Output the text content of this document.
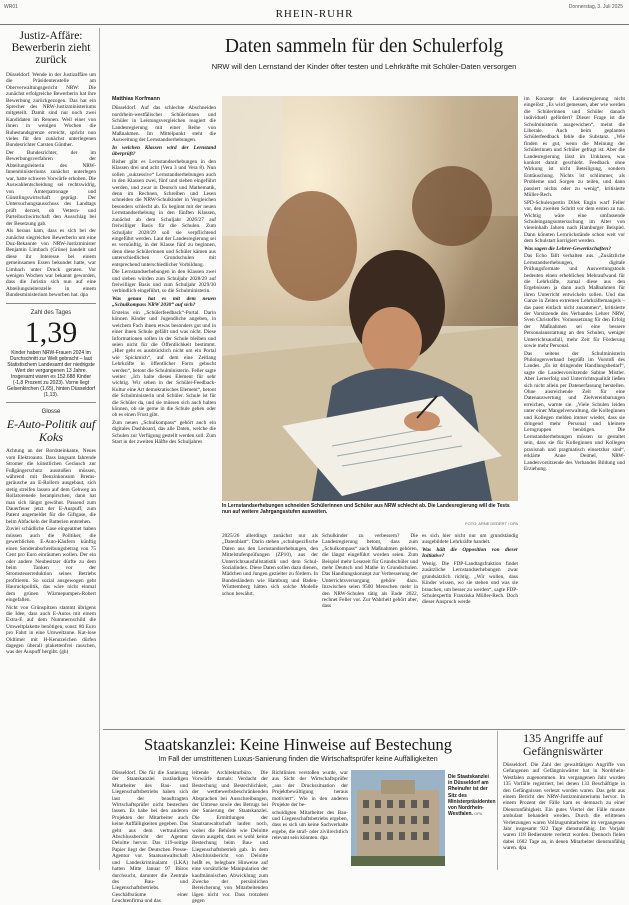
WR01
RHEIN-RUHR
Donnerstag, 3. Juli 2025
Justiz-Affäre: Bewerberin zieht zurück

Düsseldorf. Wende in der Justizaffäre um die Präsidentenstelle am Oberverwaltungsgericht NRW: Die zunächst erfolgreiche Bewerberin hat ihre Bewerbung zurückgezogen. Das hat ein Sprecher des NRW-Justizministeriums mitgeteilt. Damit sind nur noch zwei Kandidaten im Rennen. Weil einer von ihnen in wenigen Wochen die Ruhestandsgrenze erreicht, spricht nun vieles für den zunächst unterlegenen Bundesrichter Carsten Günther.

Der Bundesrichter, der im Bewerbungsverfahren der Abteilungsleiterin des NRW-Innenministeriums zunächst unterlegen war, hatte schwere Vorwürfe erhoben. Die Auswahlentscheidung sei rechtswidrig, von Ämterpatronage und Günstlingswirtschaft geprägt. Der Untersuchungsausschuss des Landtags prüft derzeit, ob Vettern- und Parteibuchwirtschaft den Ausschlag bei der Besetzung gab.

Als heraus kam, dass es sich bei der zunächst siegreichen Bewerberin um eine Duz-Bekannte von NRW-Justizminister Benjamin Limbach (Grüne) handelt und diese ihr Interesse bei einem gemeinsamen Essen bekundet hatte, war Limbach unter Druck geraten. Vor wenigen Wochen war bekannt geworden, dass die Juristin sich nun auf eine Abteilungsleiterstelle in einem Bundesministerium beworben hat. dpa

Zahl des Tages
1,39
Kinder haben NRW-Frauen 2024 im Durchschnitt zur Welt gebracht – laut Statistischem Landesamt der niedrigste Wert der vergangenen 13 Jahre. Insgesamt waren es 152.688 Kinder (-1,8 Prozent zu 2023). Vorne liegt Gelsenkirchen (1,65), hinten Düsseldorf (1,13).
Glosse
E-Auto-Politik auf Koks

Achtung an der Bordsteinkante, Neues vom Elektroauto. Dass langsam fahrende Stromer die künstlichen Geräusch zur Fußgängerschutz ausstoßen müssen, während mit Benzinkonsum Bremsgeräusche an E-Rollern ausgebaut, sich stetig streifen lassen auf dem Gehweg an Rollatorenede heranpirschen, dann hat man sich längst gewöhnt. Passend zum Dauerfeuer jetzt der E-Auspuff, zum Patent angemeldet für die Giftgase, die beim Abfackeln der Batterien entstehen.

Zuviel schädliche Gase eingeatmet haben müssen auch die Politiker, die gewerblichen E-Auto-Käufern künftig einen Sonderabschreibungsbetrag von 75 Cent pro Euro einräumen wollen. Der ein oder andere Neubesitzer dürfte zu dem beim Tanken vor der Stromsteuerreduktion seines Betriebs profitieren. So sozial ausgewogen geht Hauruckpolitik, das wäre nicht einmal dem grünen Wärmepumpen-Robert eingefallen.

Nicht von Grünspitzen stammt übrigens die Idee, dass auch E-Autos mit einem Extra-E auf dem Nummernschild die Umweltplakette benötigen, sonst: 80 Euro pro Fahrt in eine Umweltzone. Kat-lose Oldtimer mit H-Kennzeichen dürfen dagegen überall plakettenfrei rauschen, was der Auspuff hergibt. (gh)

Daten sammeln für den Schulerfolg
NRW will den Lernstand der Kinder öfter testen und Lehrkräfte mit Schüler-Daten versorgen
Matthias Korfmann

Düsseldorf. Auf das schlechte Abschneiden nordrhein-westfälischer Schülerinnen und Schüler in Leistungsvergleichen reagiert die Landesregierung mit einer Reihe von Maßnahmen. Im Mittelpunkt steht die Ausweitung der Lernstandserhebungen.

In welchen Klassen wird der Lernstand überprüft?

Bisher gibt es Lernstandserhebungen in den Klassen drei und acht (Vera 3 und Vera 8). Nun sollen „sukzessive“ Lernstandserhebungen auch in den Klassen zwei, fünf und sieben eingeführt werden, und zwar in Deutsch und Mathematik, denn im Rechnen, Schreiben und Lesen schneiden die NRW-Schulkinder in Vergleichen besonders schlecht ab. Es beginnt mit der neuen Lernstandserhebung in den fünften Klassen, zunächst ab dem Schuljahr 2026/27 auf freiwilliger Basis für die Schulen. Zum Schuljahr 2028/29 soll sie verpflichtend eingeführt werden. Laut der Landesregierung sei es vernünftig, in der Klasse fünf zu beginnen, denn diese Schülerinnen und Schüler kämen aus unterschiedlichen Grundschulen mit entsprechend unterschiedlicher Vorbildung.

Die Lernstandserhebungen in den Klassen zwei und sieben würden zum Schuljahr 2028/29 auf freiwilliger Basis und zum Schuljahr 2029/30 verbindlich eingeführt, so die Schulministerin.

Was genau hat es mit dem neuen „Schulkompass NRW 2030“ auf sich?

Ersteins ein „Schülerfeedback“-Portal. Darin können Kinder und Jugendliche angeben, in welchem Fach ihnen etwas besonders gut und in einer ihnen Schule gefällt und was nicht. Diese Informationen sollen in der Schule bleiben und seien nicht für die Öffentlichkeit bestimmt. „Hier geht es ausdrücklich nicht um ein Portal wie Spickmich“, auf dem eine Zeitlang Lehrkräfte in öffentlicher Form gebucht werden“, betont die Schulministerin. Feller sagte weiter: „Ich halte dieses Element für sehr wichtig. Wir sehen in der Schüler-Feedback-Kultur eine Art demokratisches Element“, betont die Schulministerin und Schüler. Schule ist für die Schüler da, und sie müssen sich auch halten können, ob sie gerne in die Schule gehen oder ob es einen Frust gibt.

Zum neuen „Schulkompass“ gehört auch ein digitales Dashboard, das alle Daten, welche die Schulen zur Verfügung gestellt werden soll. Zum Start in der zweiten Hälfte des Schuljahres

In Lernstandserhebungen schneiden Schülerinnen und Schüler aus NRW schlecht ab. Die Landesregierung will die Tests nun auf weitere Jahrgangsstufen ausweiten.
FOTO: ARNE DEDERT / DPA

im Konzept der Landesregierung nicht eingelöst: „Es wird gemessen, aber wie werden die Schülerinnen und Schüler danach individuell gefördert? Dieser Frage ist die Schulministerin ausgewichen“, meint die Liberale. Auch beim geplanten Schülerfeedback fehle die Substanz. „Wie finden es gut, wenn die Meinung der Schülerinnen und Schüler gefragt ist. Aber die Landesregierung lässt im Unklaren, was konkret damit geschieht. Feedback ohne Wirkung ist nicht Beteiligung, sondern Enttäuschung. Nichts ist schlimmer, als Probleme und Sorgen zu teilen, und dann passiert nichts oder zu wenig“, kritisierte Müller-Rech.

SPD-Schulexpertin Dilek Engin warf Feller vor, den zweiten Schritt vor dem ersten zu tun. Wichtig wäre eine umfassende Schuleingangsuntersuchung im Alter von viereinhalb Jahren nach Hamburger Beispiel. Dann könnten Lernrückstände schon weit vor dem Schulstart korrigiert werden.

Was sagen die Lehrer-Gewerkschaften?

Das Echo fällt verhalten aus. „Zusätzliche Lernstandserhebungen, digitale Prüfungsformate und Auswertungstools bedeuten einen erheblichen Mehraufwand für die Lehrkräfte, zumal diese aus den Ergebnissen ja dann auch Maßnahmen für ihren Unterricht entwickeln sollen. Und das Ganze in Zeiten extremen Lehrkräftemangels – das passt einfach nicht zusammen“, kritisierte der Vorsitzende des Verbandes Lehrer NRW, Sven Christoffer. Voraussetzung für den Erfolg der Maßnahmen sei eine bessere Personalausstattung an den Schulen, weniger Unterrichtsausfall, mehr Zeit für Förderung sowie mehr Personal.

Das seitens der Schulministerin Philologenverband begrüßt im Vorstoß des Landes. „Es ist dringender Handlungsbedarf“, sagte die Landesvorsitzende Sabine Mistler. Aber Lernerfolg und Unterrichtsqualität ließen sich nicht allein per Datenerfassung herstellen. Ohne ausreichende Zeit für eine Datenauswertung und Zielvereinbarungen erreichen, warnte sie. „Viele Schulen leiden unter einer Mangelverwaltung, die Kolleginnen und Kollegen melden immer wieder, dass sie dringend mehr Personal und kleinere Lerngruppen benötigen. Die Lernstandserhebungen müssen so gestaltet sein, dass sie für Kolleginnen und Kollegen praxisnah und pragmatisch einsetzbar sind“, erklärte Anne Deimel, NRW-Landesvorsitzende des Verbandes Bildung und Erziehung.

2025/26 allerdings zunächst nur als „Datenblatt“. Darin stehen „schulspezifische Daten aus den Lernstandserhebungen, den Mittelstufenprüfungen (ZP10), aus der Unterrichtsausfallstatistik und dem Schul-Sozialindex. Diese Daten sollen dazu dienen, Mädchen und Jungen gezielter zu fördern. In Bundesländern wie Hamburg und Baden-Württemberg hätten sich solche Modelle schon bewährt.

Schulkinder zu verbessern? Die Landesregierung betont, dass zum „Schulkompass“ auch Maßnahmen gehören, die längst eingeführt worden seien. Zum Beispiel mehr Lesezeit für Grundschüler und mehr Deutsch und Mathe in Grundschulen. Das Handlungskonzept zur Verbesserung der Unterrichtsversorgung gehöre dazu. Inzwischen seien 9500 Menschen mehr in den NRW-Schulen tätig als Ende 2022, rechnet Feller vor. Zur Wahrheit gehört aber, dass

es sich hier nicht nur um grundständig ausgebildete Lehrkräfte handelt.

Was hält die Opposition von dieser Initiative?

Wenig. Die FDP-Landtagsfraktion findet zusätzliche Lernstandserhebungen zwar grundsätzlich richtig. „Wir wollen, dass Kinder wissen, wo sie stehen und was sie brauchen, um besser zu werden“, sagte FDP-Schulexpertin Franziska Müller-Rech. Doch dieser Anspruch werde

Staatskanzlei: Keine Hinweise auf Bestechung
Im Fall der umstrittenen Luxus-Sanierung finden die Wirtschaftsprüfer keine Auffälligkeiten

Düsseldorf. Die für die Sanierung der Staatskanzlei zuständigen Mitarbeiter des Bau- und Liegenschaftsbetriebs haben sich laut der beauftragten Wirtschaftsprüfer nicht bestechen lassen. Es habe bei den anderen Projekten der Mitarbeiter auch keine Auffälligkeiten gegeben. Das geht aus dem vertraulichen Abschlussbericht der Agentur Deloitte hervor. Das 119-seitige Papier liegt der Deutschen Presse-Agentur vor. Staatsanwaltschaft und Landeskriminalamt (LKA) hatten Mitte Januar 97 Büros durchsucht, darunter die Zentrale des Bau- und Liegenschaftsbetriebs. Geschäftsräume einer Leuchtenfirma und das

leitende Architekturbüro. Die Vorwürfe damals: Verdacht der Bestechung und Bestechlichkeit, der wettbewerbsbeschränkenden Absprachen bei Ausschreibungen, der Untreue sowie des Betrugs bei der Sanierung der Staatskanzlei. Die Ermittlungen der Staatsanwaltschaft laufen noch, wobei die Behörde wie Deloitte davon ausgeht, dass es wohl keine Bestechung beim Bau- und Liegenschaftsbetrieb gab. In dem Abschlussbericht von Deloitte heißt es, belegbare Hinweise auf eine vorsätzliche Manipulation der kaufmännischen Abwicklung zum Zwecke der persönlichen Bereicherung von Mitarbeitenden lägen nicht vor. Dass trotzdem gegen

Richtlinien verstoßen wurde, war aus Sicht der Wirtschaftsprüfer „aus der Druckssituation der Projektbewältigung heraus motiviert“. Wie in den anderen Projekte der be-

schuldigten Mitarbeiter des Bau- und Liegenschaftsbetriebs ergeben, dass es sich um keine Sachverhalte ergebe, die straf- oder zivilrechtlich relevant sein könnten. dpa

Die Staatskanzlei in Düsseldorf am Rheinufer ist der Sitz des Ministerpräsidenten von Nordrhein-Westfalen. DPA
135 Angriffe auf Gefängniswärter

Düsseldorf. Die Zahl der gewalttätigen Angriffe von Gefangenen auf Gefängniswärter hat in Nordrhein-Westfalen zugenommen. Im vergangenen Jahr wurden 135 Vorfälle registriert, bei denen 133 Beschäftigte in den Gefängnissen verletzt worden waren. Das geht aus einem Bericht des NRW-Justizministeriums hervor. In einem Prozent der Fälle kam es demnach zu einer Dienstunfähigkeit. Ein gutes Viertel der Fälle musste ambulant behandelt werden. Durch die erlittenen Verletzungen waren Vollzugsmitarbeiter im vergangenen Jahr insgesamt 922 Tage dienstunfähig. Im Vorjahr waren 118 Bedienstete verletzt worden. Dennoch fielen dabei 1682 Tage an, in denen Mitarbeiter dienstunfähig waren. dpa
